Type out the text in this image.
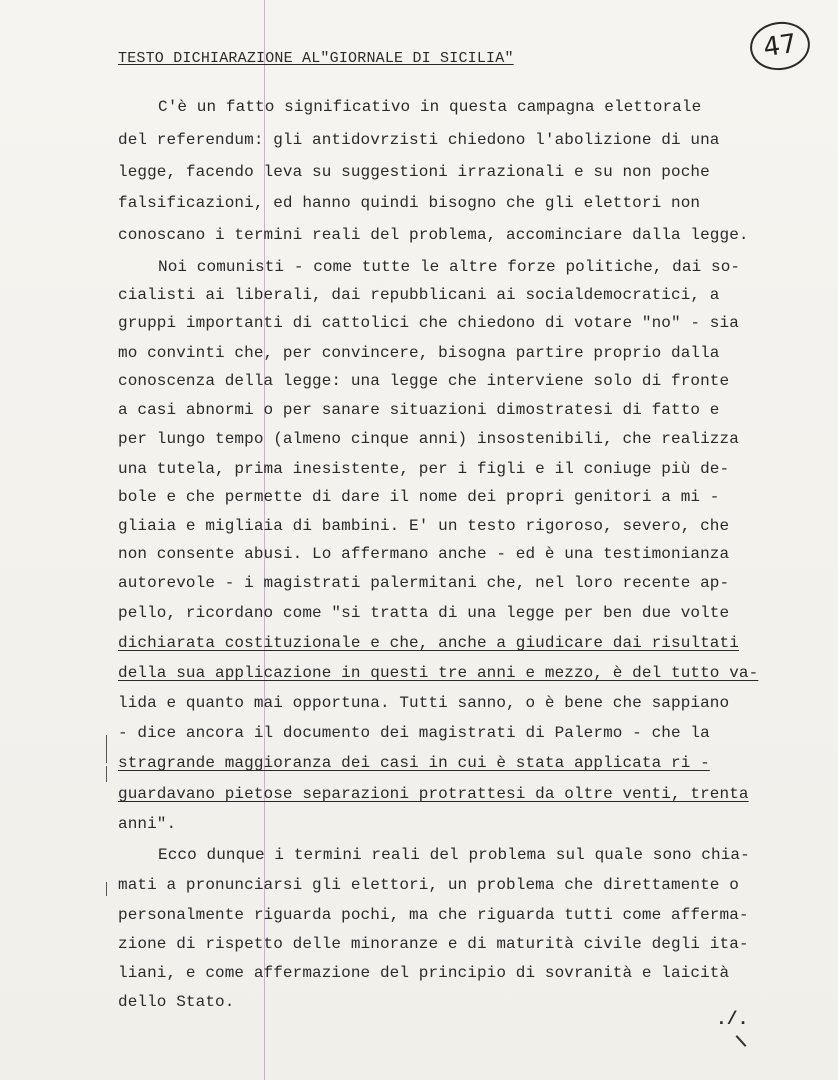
47
TESTO DICHIARAZIONE AL"GIORNALE DI SICILIA"
C'è un fatto significativo in questa campagna elettorale
del referendum: gli antidovrzisti chiedono l'abolizione di una
legge, facendo leva su suggestioni irrazionali e su non poche
falsificazioni, ed hanno quindi bisogno che gli elettori non
conoscano i termini reali del problema, accominciare dalla legge.
Noi comunisti - come tutte le altre forze politiche, dai so-
cialisti ai liberali, dai repubblicani ai socialdemocratici, a
gruppi importanti di cattolici che chiedono di votare "no" - sia
mo convinti che, per convincere, bisogna partire proprio dalla
conoscenza della legge: una legge che interviene solo di fronte
a casi abnormi o per sanare situazioni dimostratesi di fatto e
per lungo tempo (almeno cinque anni) insostenibili, che realizza
una tutela, prima inesistente, per i figli e il coniuge più de-
bole e che permette di dare il nome dei propri genitori a mi -
gliaia e migliaia di bambini. E' un testo rigoroso, severo, che
non consente abusi. Lo affermano anche - ed è una testimonianza
autorevole - i magistrati palermitani che, nel loro recente ap-
pello, ricordano come "si tratta di una legge per ben due volte
dichiarata costituzionale e che, anche a giudicare dai risultati
della sua applicazione in questi tre anni e mezzo, è del tutto va-
lida e quanto mai opportuna. Tutti sanno, o è bene che sappiano
- dice ancora il documento dei magistrati di Palermo - che la
stragrande maggioranza dei casi in cui è stata applicata ri -
guardavano pietose separazioni protrattesi da oltre venti, trenta
anni".
Ecco dunque i termini reali del problema sul quale sono chia-
mati a pronunciarsi gli elettori, un problema che direttamente o
personalmente riguarda pochi, ma che riguarda tutti come afferma-
zione di rispetto delle minoranze e di maturità civile degli ita-
liani, e come affermazione del principio di sovranità e laicità
dello Stato.
./.
